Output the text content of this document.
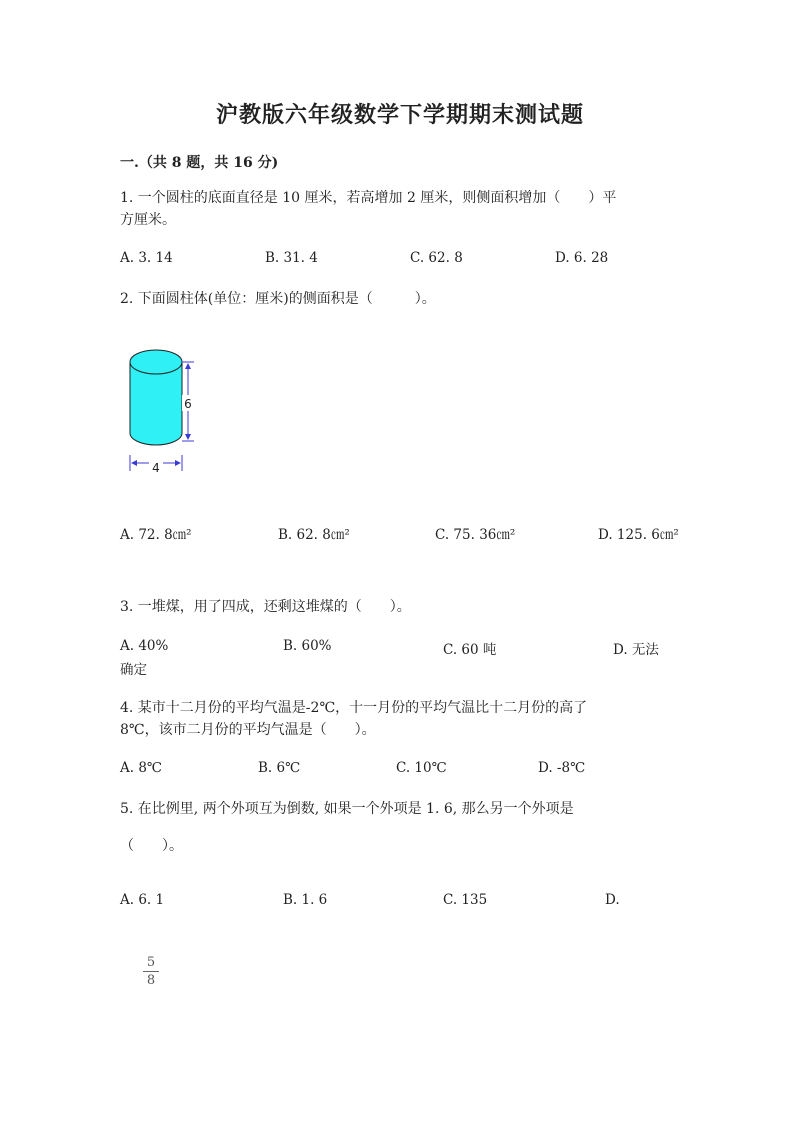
沪教版六年级数学下学期期末测试题
一.（共 8 题，共 16 分)
1. 一个圆柱的底面直径是 10 厘米，若高增加 2 厘米，则侧面积增加（　　）平
方厘米。
A. 3. 14	B. 31. 4	C. 62. 8	D. 6. 28
2. 下面圆柱体(单位：厘米)的侧面积是（　　　）。
6
4
A. 72. 8㎝²	B. 62. 8㎝²	C. 75. 36㎝²	D. 125. 6㎝²
3. 一堆煤，用了四成，还剩这堆煤的（　　）。
A. 40%	B. 60%	C. 60 吨	D. 无法
确定
4. 某市十二月份的平均气温是-2℃，十一月份的平均气温比十二月份的高了
8℃，该市二月份的平均气温是（　　）。
A. 8℃	B. 6℃	C. 10℃	D. -8℃
5. 在比例里, 两个外项互为倒数, 如果一个外项是 1. 6, 那么另一个外项是
（　　）。
A. 6. 1	B. 1. 6	C. 135	D.
5
8
